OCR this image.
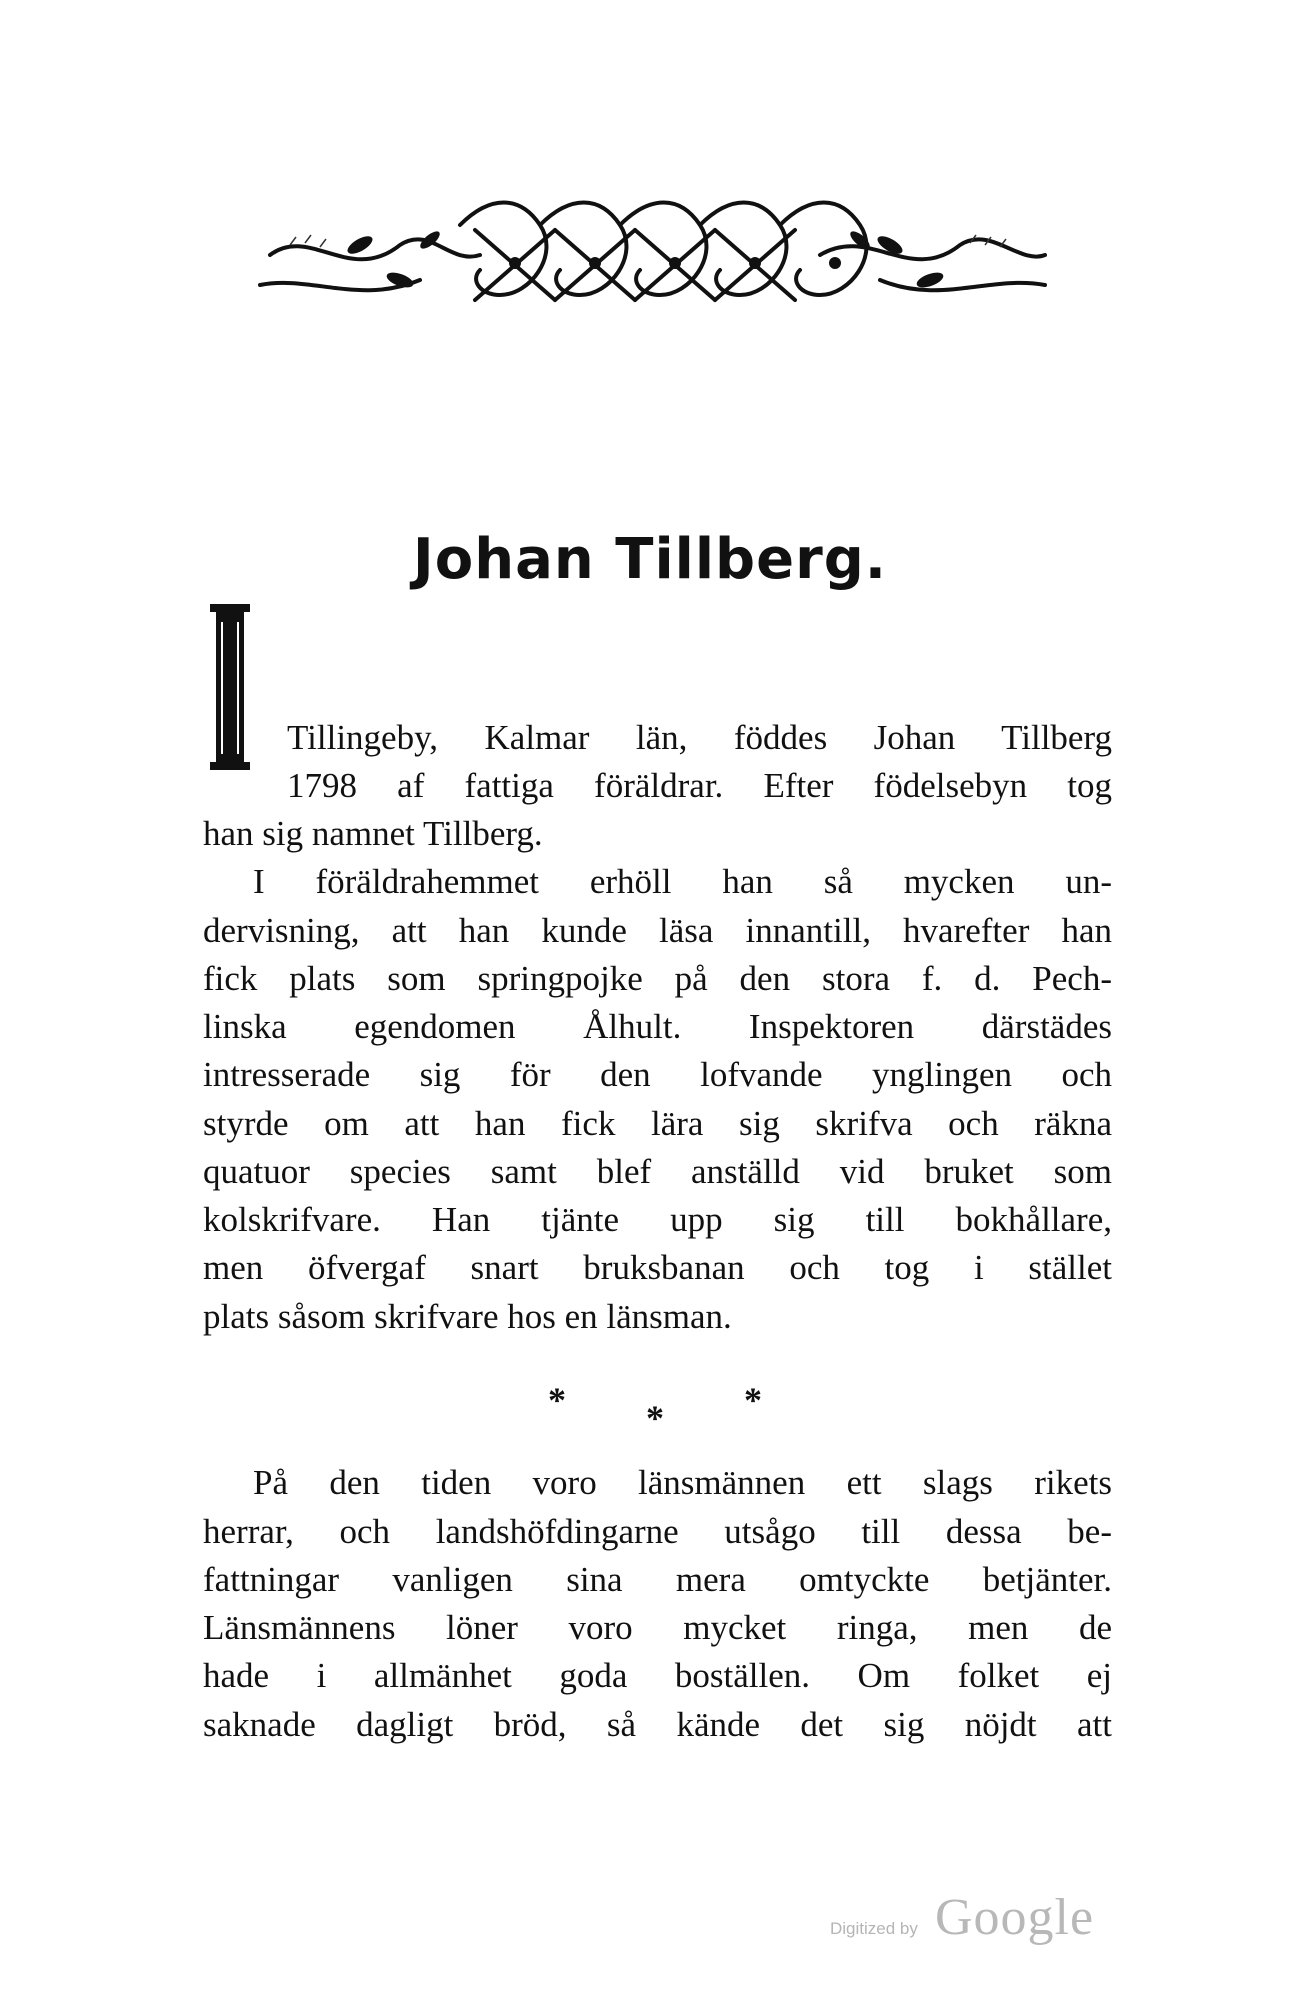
Johan Tillberg.
Tillingeby, Kalmar län, föddes Johan Tillberg
1798 af fattiga föräldrar. Efter födelsebyn tog
han sig namnet Tillberg.
I föräldrahemmet erhöll han så mycken un-
dervisning, att han kunde läsa innantill, hvarefter han
fick plats som springpojke på den stora f. d. Pech-
linska egendomen Ålhult. Inspektoren därstädes
intresserade sig för den lofvande ynglingen och
styrde om att han fick lära sig skrifva och räkna
quatuor species samt blef anställd vid bruket som
kolskrifvare. Han tjänte upp sig till bokhållare,
men öfvergaf snart bruksbanan och tog i stället
plats såsom skrifvare hos en länsman.
* * *
På den tiden voro länsmännen ett slags rikets
herrar, och landshöfdingarne utsågo till dessa be-
fattningar vanligen sina mera omtyckte betjänter.
Länsmännens löner voro mycket ringa, men de
hade i allmänhet goda boställen. Om folket ej
saknade dagligt bröd, så kände det sig nöjdt att
Digitized by Google
